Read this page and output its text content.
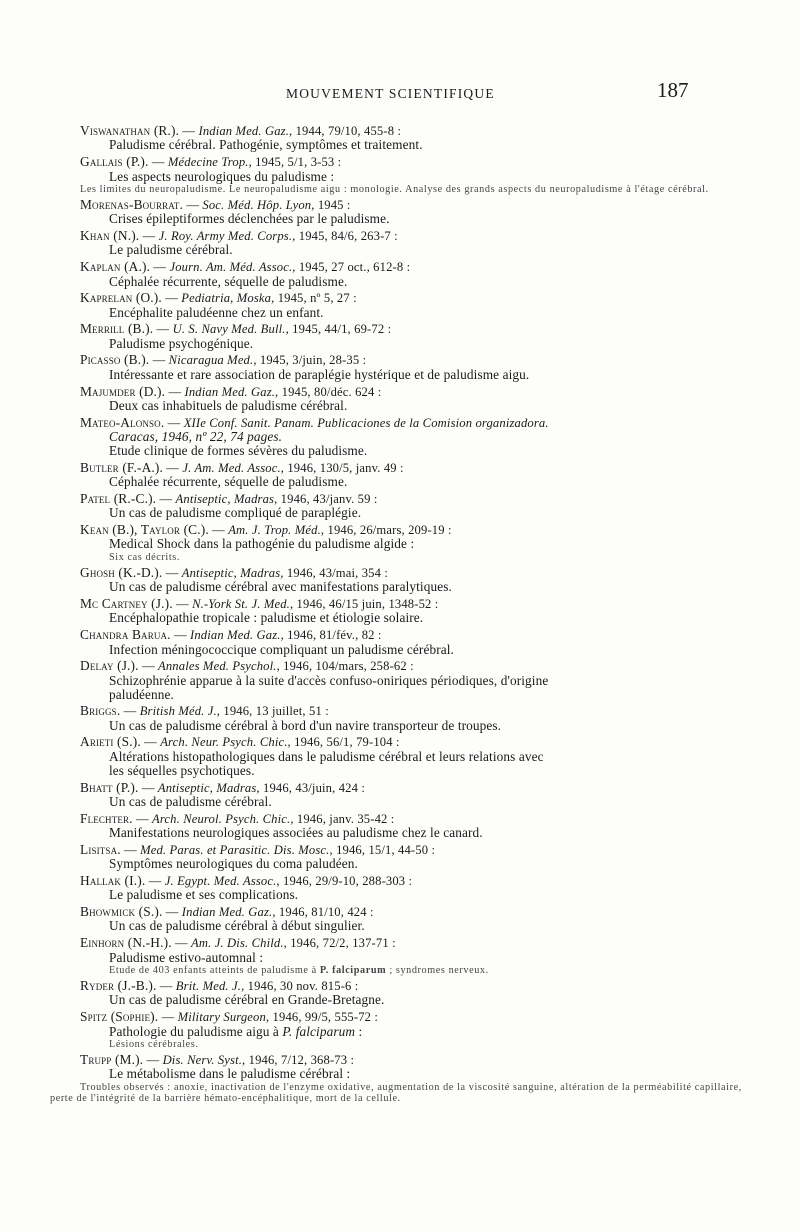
MOUVEMENT SCIENTIFIQUE	187
Viswanathan (R.). — Indian Med. Gaz., 1944, 79/10, 455-8 :
Paludisme cérébral. Pathogénie, symptômes et traitement.
Gallais (P.). — Médecine Trop., 1945, 5/1, 3-53 :
Les aspects neurologiques du paludisme :
Les limites du neuropaludisme. Le neuropaludisme aigu : monologie. Analyse des grands aspects du neuropaludisme à l'étage cérébral.
Morenas-Bourrat. — Soc. Méd. Hôp. Lyon, 1945 :
Crises épileptiformes déclenchées par le paludisme.
Khan (N.). — J. Roy. Army Med. Corps., 1945, 84/6, 263-7 :
Le paludisme cérébral.
Kaplan (A.). — Journ. Am. Méd. Assoc., 1945, 27 oct., 612-8 :
Céphalée récurrente, séquelle de paludisme.
Kaprelan (O.). — Pediatria, Moska, 1945, nº 5, 27 :
Encéphalite paludéenne chez un enfant.
Merrill (B.). — U. S. Navy Med. Bull., 1945, 44/1, 69-72 :
Paludisme psychogénique.
Picasso (B.). — Nicaragua Med., 1945, 3/juin, 28-35 :
Intéressante et rare association de paraplégie hystérique et de paludisme aigu.
Majumder (D.). — Indian Med. Gaz., 1945, 80/déc. 624 :
Deux cas inhabituels de paludisme cérébral.
Mateo-Alonso. — XIIe Conf. Sanit. Panam. Publicaciones de la Comision organizadora.
Caracas, 1946, nº 22, 74 pages.
Etude clinique de formes sévères du paludisme.
Butler (F.-A.). — J. Am. Med. Assoc., 1946, 130/5, janv. 49 :
Céphalée récurrente, séquelle de paludisme.
Patel (R.-C.). — Antiseptic, Madras, 1946, 43/janv. 59 :
Un cas de paludisme compliqué de paraplégie.
Kean (B.), Taylor (C.). — Am. J. Trop. Méd., 1946, 26/mars, 209-19 :
Medical Shock dans la pathogénie du paludisme algide :
Six cas décrits.
Ghosh (K.-D.). — Antiseptic, Madras, 1946, 43/mai, 354 :
Un cas de paludisme cérébral avec manifestations paralytiques.
Mc Cartney (J.). — N.-York St. J. Med., 1946, 46/15 juin, 1348-52 :
Encéphalopathie tropicale : paludisme et étiologie solaire.
Chandra Barua. — Indian Med. Gaz., 1946, 81/fév., 82 :
Infection méningococcique compliquant un paludisme cérébral.
Delay (J.). — Annales Med. Psychol., 1946, 104/mars, 258-62 :
Schizophrénie apparue à la suite d'accès confuso-oniriques périodiques, d'origine
paludéenne.
Briggs. — British Méd. J., 1946, 13 juillet, 51 :
Un cas de paludisme cérébral à bord d'un navire transporteur de troupes.
Arieti (S.). — Arch. Neur. Psych. Chic., 1946, 56/1, 79-104 :
Altérations histopathologiques dans le paludisme cérébral et leurs relations avec
les séquelles psychotiques.
Bhatt (P.). — Antiseptic, Madras, 1946, 43/juin, 424 :
Un cas de paludisme cérébral.
Flechter. — Arch. Neurol. Psych. Chic., 1946, janv. 35-42 :
Manifestations neurologiques associées au paludisme chez le canard.
Lisitsa. — Med. Paras. et Parasitic. Dis. Mosc., 1946, 15/1, 44-50 :
Symptômes neurologiques du coma paludéen.
Hallak (I.). — J. Egypt. Med. Assoc., 1946, 29/9-10, 288-303 :
Le paludisme et ses complications.
Bhowmick (S.). — Indian Med. Gaz., 1946, 81/10, 424 :
Un cas de paludisme cérébral à début singulier.
Einhorn (N.-H.). — Am. J. Dis. Child., 1946, 72/2, 137-71 :
Paludisme estivo-automnal :
Etude de 403 enfants atteints de paludisme à P. falciparum ; syndromes nerveux.
Ryder (J.-B.). — Brit. Med. J., 1946, 30 nov. 815-6 :
Un cas de paludisme cérébral en Grande-Bretagne.
Spitz (Sophie). — Military Surgeon, 1946, 99/5, 555-72 :
Pathologie du paludisme aigu à P. falciparum :
Lésions cérébrales.
Trupp (M.). — Dis. Nerv. Syst., 1946, 7/12, 368-73 :
Le métabolisme dans le paludisme cérébral :
Troubles observés : anoxie, inactivation de l'enzyme oxidative, augmentation de la viscosité sanguine, altération de la perméabilité capillaire, perte de l'intégrité de la barrière hémato-encéphalitique, mort de la cellule.
